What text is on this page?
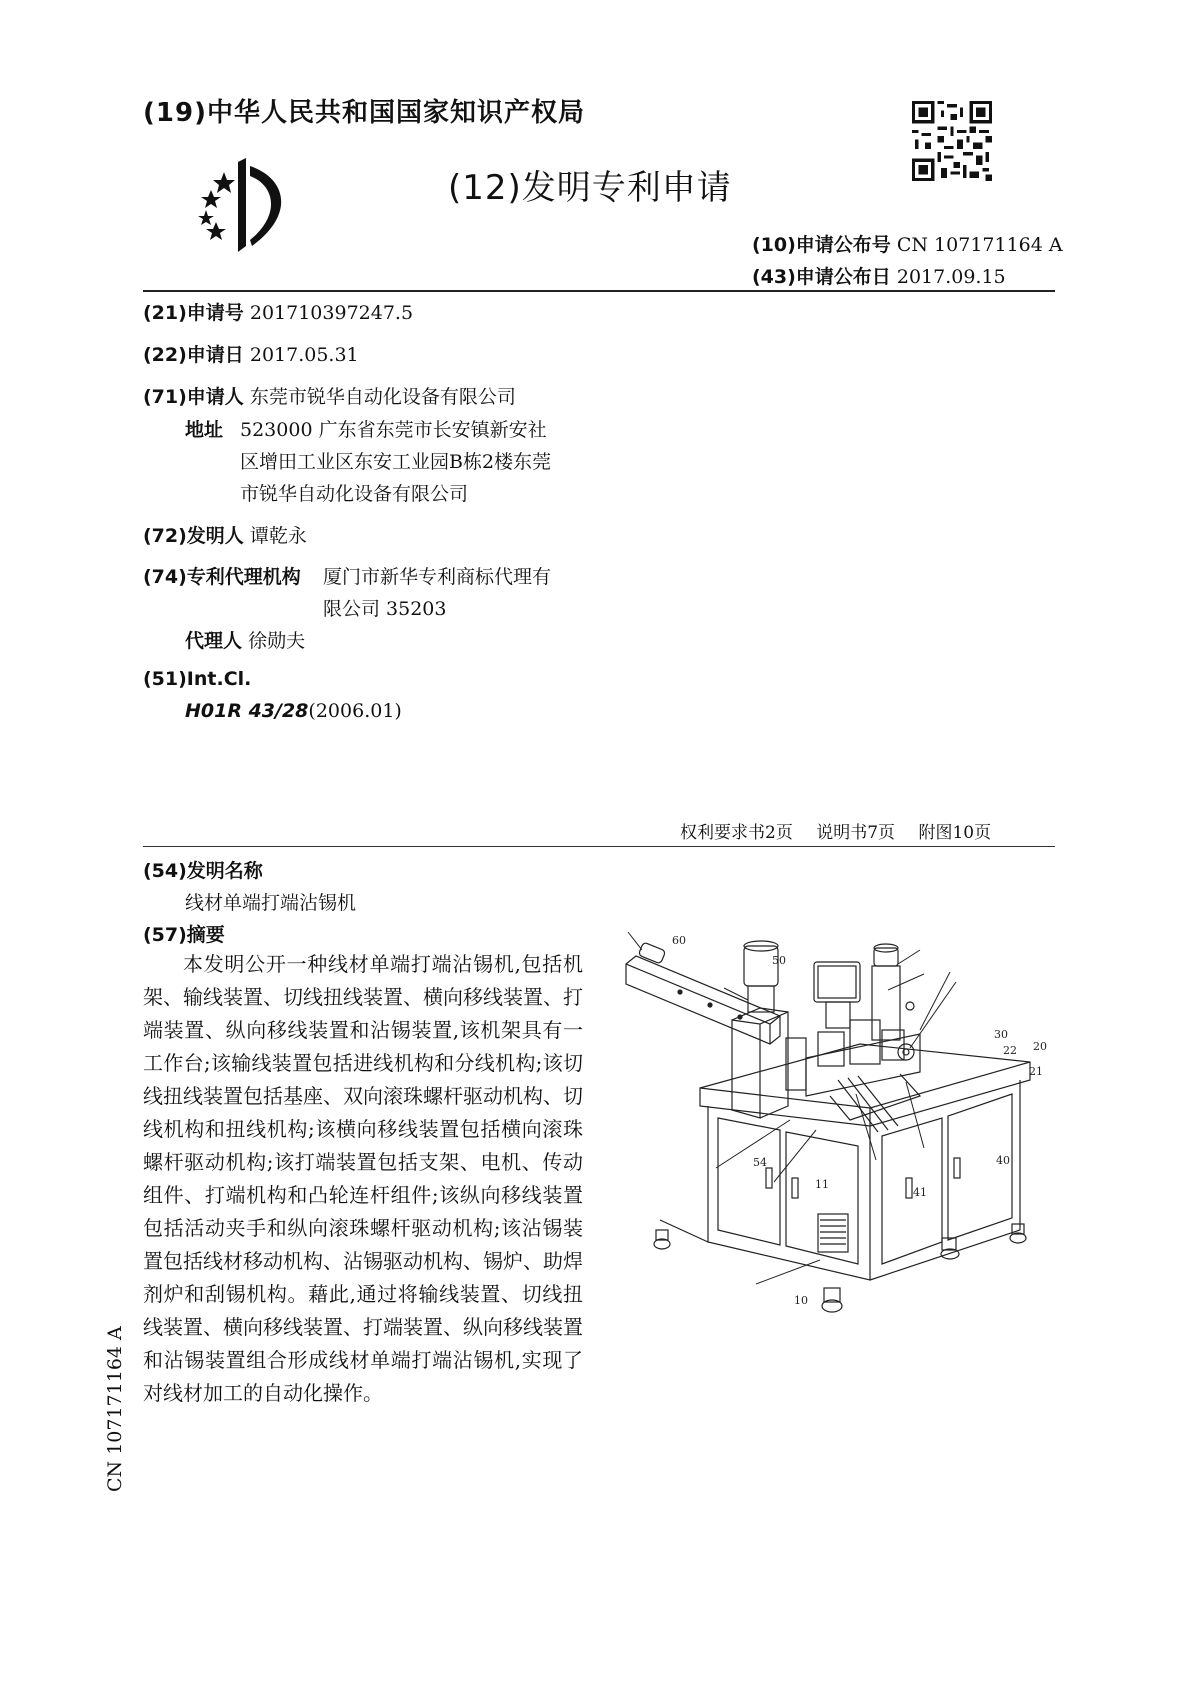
(19)中华人民共和国国家知识产权局
(12)发明专利申请
(10)申请公布号 CN 107171164 A
(43)申请公布日 2017.09.15
(21)申请号 201710397247.5
(22)申请日 2017.05.31
(71)申请人 东莞市锐华自动化设备有限公司
地址 523000 广东省东莞市长安镇新安社
区增田工业区东安工业园B栋2楼东莞
市锐华自动化设备有限公司
(72)发明人 谭乾永
(74)专利代理机构 厦门市新华专利商标代理有
限公司 35203
代理人 徐勋夫
(51)Int.Cl.
H01R 43/28(2006.01)
权利要求书2页 说明书7页 附图10页
(54)发明名称
线材单端打端沾锡机
(57)摘要

本发明公开一种线材单端打端沾锡机,包括机架、输线装置、切线扭线装置、横向移线装置、打端装置、纵向移线装置和沾锡装置,该机架具有一工作台;该输线装置包括进线机构和分线机构;该切线扭线装置包括基座、双向滚珠螺杆驱动机构、切线机构和扭线机构;该横向移线装置包括横向滚珠螺杆驱动机构;该打端装置包括支架、电机、传动组件、打端机构和凸轮连杆组件;该纵向移线装置包括活动夹手和纵向滚珠螺杆驱动机构;该沾锡装置包括线材移动机构、沾锡驱动机构、锡炉、助焊剂炉和刮锡机构。藉此,通过将输线装置、切线扭线装置、横向移线装置、打端装置、纵向移线装置和沾锡装置组合形成线材单端打端沾锡机,实现了对线材加工的自动化操作。

CN 107171164 A
60
50
30
22 20
21
54
11
41
40
10
